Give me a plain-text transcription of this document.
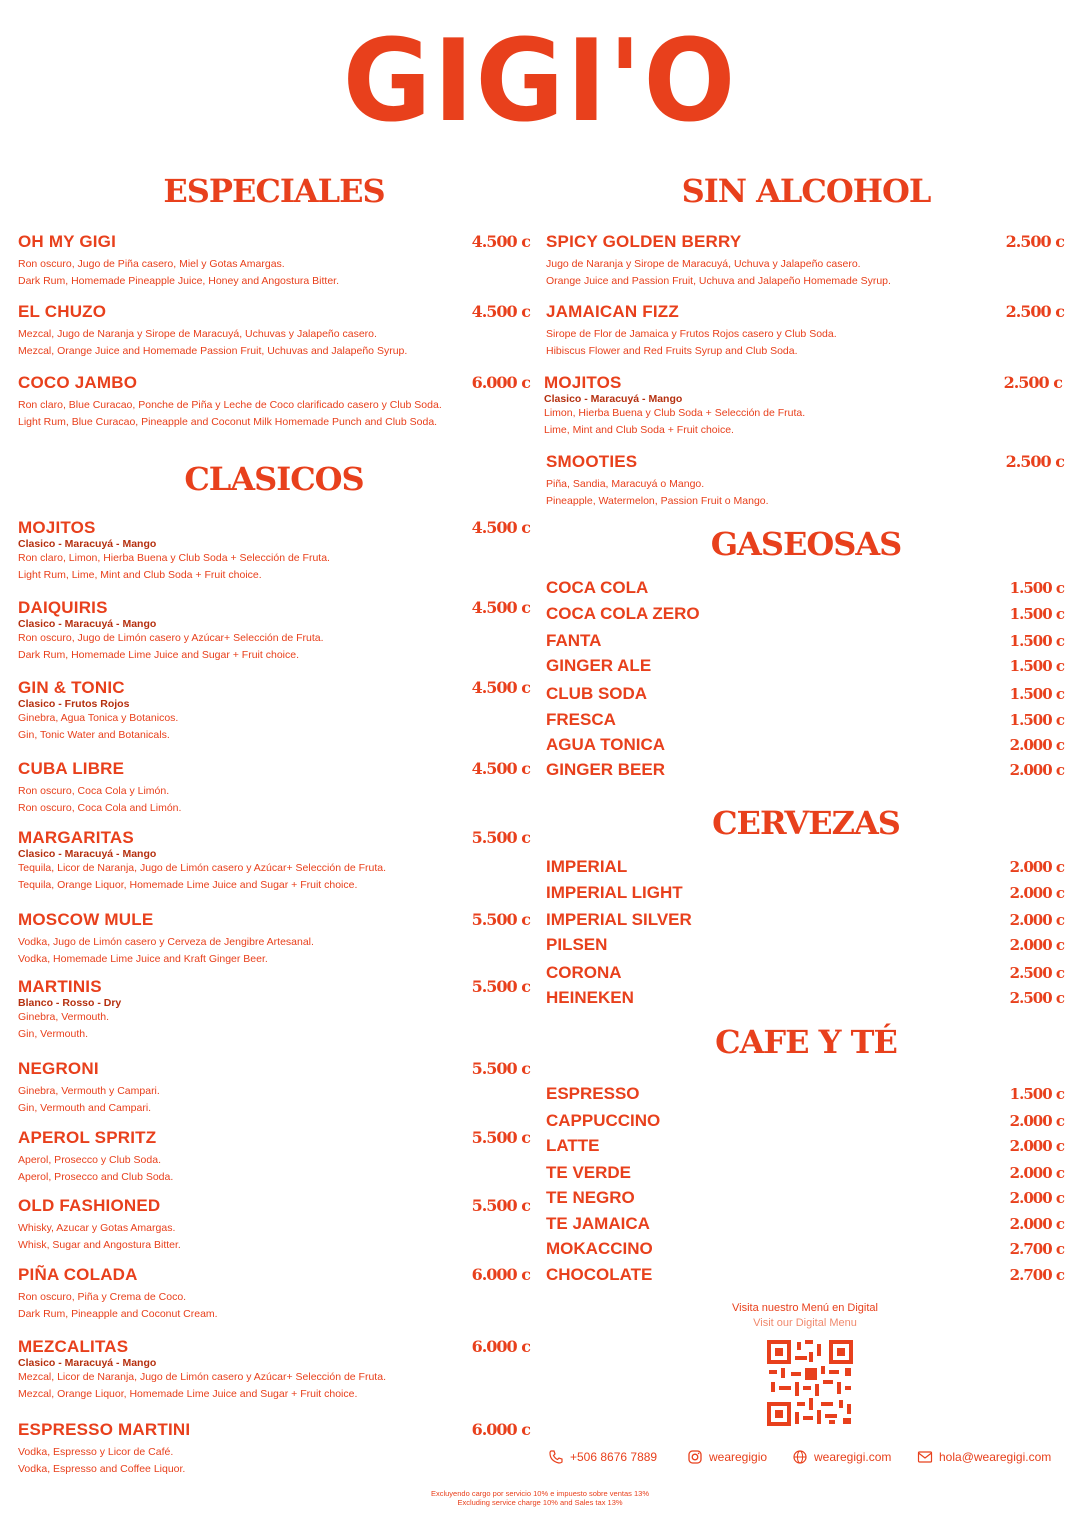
GIGI'O
ESPECIALES
CLASICOS
SIN ALCOHOL
GASEOSAS
CERVEZAS
CAFE Y TÉ
OH MY GIGI	4.500 c
Ron oscuro, Jugo de Piña casero, Miel y Gotas Amargas.
Dark Rum, Homemade Pineapple Juice, Honey and Angostura Bitter.
EL CHUZO	4.500 c
Mezcal, Jugo de Naranja y Sirope de Maracuyá, Uchuvas y Jalapeño casero.
Mezcal, Orange Juice and Homemade Passion Fruit, Uchuvas and Jalapeño Syrup.
COCO JAMBO	6.000 c
Ron claro, Blue Curacao, Ponche de Piña y Leche de Coco clarificado casero y Club Soda.
Light Rum, Blue Curacao, Pineapple and Coconut Milk Homemade Punch and Club Soda.
MOJITOS	4.500 c
Clasico - Maracuyá - Mango
Ron claro, Limon, Hierba Buena y Club Soda + Selección de Fruta.
Light Rum, Lime, Mint and Club Soda + Fruit choice.
DAIQUIRIS	4.500 c
Clasico - Maracuyá - Mango
Ron oscuro, Jugo de Limón casero y Azúcar+ Selección de Fruta.
Dark Rum, Homemade Lime Juice and Sugar + Fruit choice.
GIN & TONIC	4.500 c
Clasico - Frutos Rojos
Ginebra, Agua Tonica y Botanicos.
Gin, Tonic Water and Botanicals.
CUBA LIBRE	4.500 c
Ron oscuro, Coca Cola y Limón.
Ron oscuro, Coca Cola and Limón.
MARGARITAS	5.500 c
Clasico - Maracuyá - Mango
Tequila, Licor de Naranja, Jugo de Limón casero y Azúcar+ Selección de Fruta.
Tequila, Orange Liquor, Homemade Lime Juice and Sugar + Fruit choice.
MOSCOW MULE	5.500 c
Vodka, Jugo de Limón casero y Cerveza de Jengibre Artesanal.
Vodka, Homemade Lime Juice and Kraft Ginger Beer.
MARTINIS	5.500 c
Blanco - Rosso - Dry
Ginebra, Vermouth.
Gin, Vermouth.
NEGRONI	5.500 c
Ginebra, Vermouth y Campari.
Gin, Vermouth and Campari.
APEROL SPRITZ	5.500 c
Aperol, Prosecco y Club Soda.
Aperol, Prosecco and Club Soda.
OLD FASHIONED	5.500 c
Whisky, Azucar y Gotas Amargas.
Whisk, Sugar and Angostura Bitter.
PIÑA COLADA	6.000 c
Ron oscuro, Piña y Crema de Coco.
Dark Rum, Pineapple and Coconut Cream.
MEZCALITAS	6.000 c
Clasico - Maracuyá - Mango
Mezcal, Licor de Naranja, Jugo de Limón casero y Azúcar+ Selección de Fruta.
Mezcal, Orange Liquor, Homemade Lime Juice and Sugar + Fruit choice.
ESPRESSO MARTINI	6.000 c
Vodka, Espresso y Licor de Café.
Vodka, Espresso and Coffee Liquor.
SPICY GOLDEN BERRY	2.500 c
Jugo de Naranja y Sirope de Maracuyá, Uchuva y Jalapeño casero.
Orange Juice and Passion Fruit, Uchuva and Jalapeño Homemade Syrup.
JAMAICAN FIZZ	2.500 c
Sirope de Flor de Jamaica y Frutos Rojos casero y Club Soda.
Hibiscus Flower and Red Fruits Syrup and Club Soda.
MOJITOS	2.500 c
Clasico - Maracuyá - Mango
Limon, Hierba Buena y Club Soda + Selección de Fruta.
Lime, Mint and Club Soda + Fruit choice.
SMOOTIES	2.500 c
Piña, Sandia, Maracuyá o Mango.
Pineapple, Watermelon, Passion Fruit o Mango.
COCA COLA	1.500 c
COCA COLA ZERO	1.500 c
FANTA	1.500 c
GINGER ALE	1.500 c
CLUB SODA	1.500 c
FRESCA	1.500 c
AGUA TONICA	2.000 c
GINGER BEER	2.000 c
IMPERIAL	2.000 c
IMPERIAL LIGHT	2.000 c
IMPERIAL SILVER	2.000 c
PILSEN	2.000 c
CORONA	2.500 c
HEINEKEN	2.500 c
ESPRESSO	1.500 c
CAPPUCCINO	2.000 c
LATTE	2.000 c
TE VERDE	2.000 c
TE NEGRO	2.000 c
TE JAMAICA	2.000 c
MOKACCINO	2.700 c
CHOCOLATE	2.700 c
Visita nuestro Menú en Digital
Visit our Digital Menu
+506 8676 7889	wearegigio	wearegigi.com	hola@wearegigi.com
Excluyendo cargo por servicio 10% e impuesto sobre ventas 13%
Excluding service charge 10% and Sales tax 13%
